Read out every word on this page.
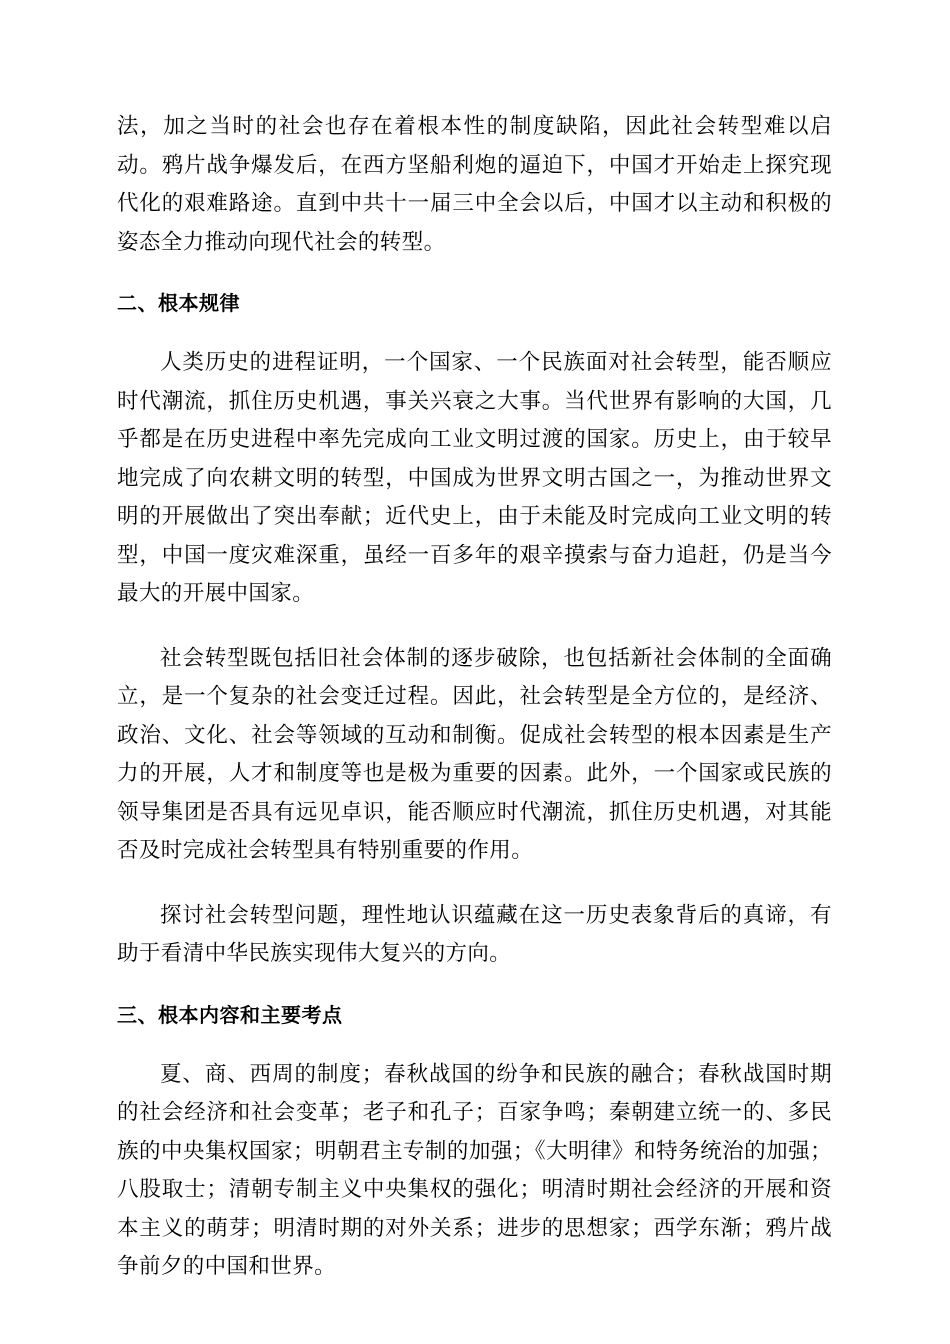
法，加之当时的社会也存在着根本性的制度缺陷，因此社会转型难以启动。鸦片战争爆发后，在西方坚船利炮的逼迫下，中国才开始走上探究现代化的艰难路途。直到中共十一届三中全会以后，中国才以主动和积极的姿态全力推动向现代社会的转型。

二、根本规律

人类历史的进程证明，一个国家、一个民族面对社会转型，能否顺应时代潮流，抓住历史机遇，事关兴衰之大事。当代世界有影响的大国，几乎都是在历史进程中率先完成向工业文明过渡的国家。历史上，由于较早地完成了向农耕文明的转型，中国成为世界文明古国之一，为推动世界文明的开展做出了突出奉献；近代史上，由于未能及时完成向工业文明的转型，中国一度灾难深重，虽经一百多年的艰辛摸索与奋力追赶，仍是当今最大的开展中国家。

社会转型既包括旧社会体制的逐步破除，也包括新社会体制的全面确立，是一个复杂的社会变迁过程。因此，社会转型是全方位的，是经济、政治、文化、社会等领域的互动和制衡。促成社会转型的根本因素是生产力的开展，人才和制度等也是极为重要的因素。此外，一个国家或民族的领导集团是否具有远见卓识，能否顺应时代潮流，抓住历史机遇，对其能否及时完成社会转型具有特别重要的作用。

探讨社会转型问题，理性地认识蕴藏在这一历史表象背后的真谛，有助于看清中华民族实现伟大复兴的方向。

三、根本内容和主要考点

夏、商、西周的制度；春秋战国的纷争和民族的融合；春秋战国时期的社会经济和社会变革；老子和孔子；百家争鸣；秦朝建立统一的、多民族的中央集权国家；明朝君主专制的加强；《大明律》和特务统治的加强；八股取士；清朝专制主义中央集权的强化；明清时期社会经济的开展和资本主义的萌芽；明清时期的对外关系；进步的思想家；西学东渐；鸦片战争前夕的中国和世界。
